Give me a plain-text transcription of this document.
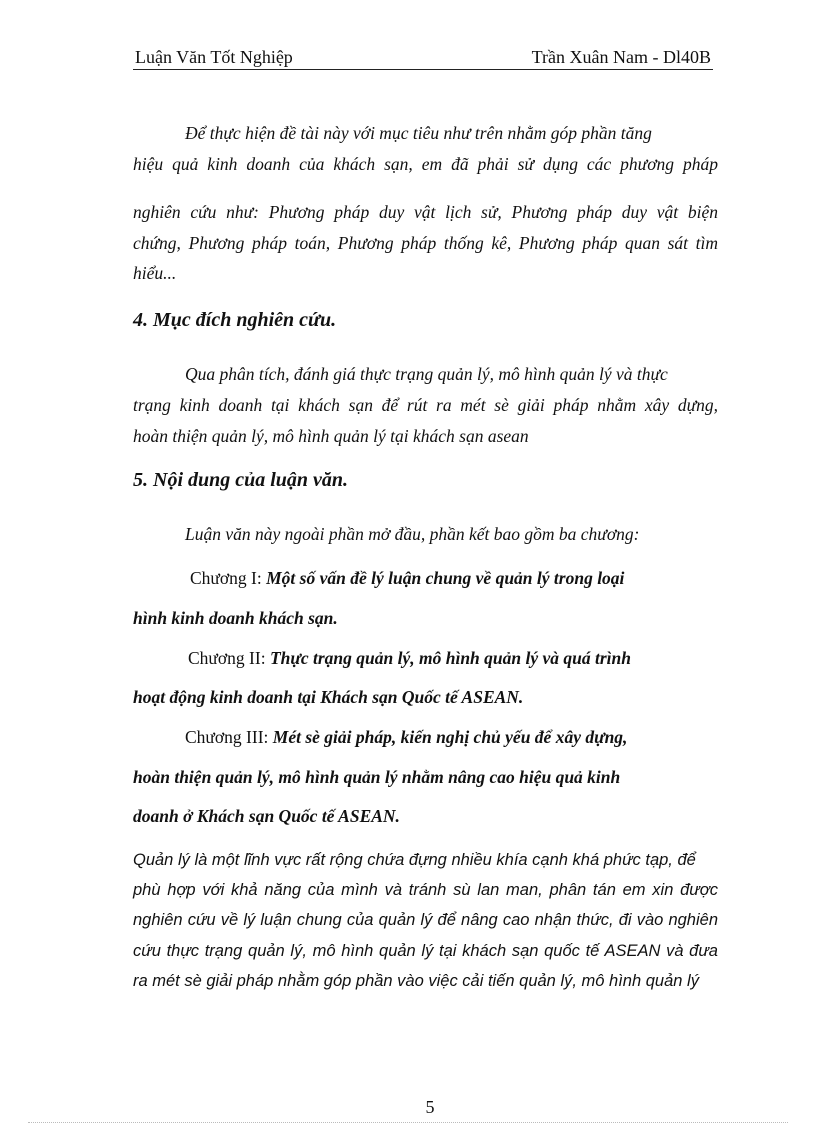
Luận Văn Tốt Nghiệp	Trần Xuân Nam - Dl40B
Để thực hiện đề tài này với mục tiêu như trên nhằm góp phần tăng
hiệu quả kinh doanh của khách sạn, em đã phải sử dụng các phương pháp
nghiên cứu như: Phương pháp duy vật lịch sử, Phương pháp duy vật biện
chứng, Phương pháp toán, Phương pháp thống kê, Phương pháp quan sát tìm
hiểu...
4. Mục đích nghiên cứu.
Qua phân tích, đánh giá thực trạng quản lý, mô hình quản lý và thực
trạng kinh doanh tại khách sạn để rút ra mét sè giải pháp nhằm xây dựng,
hoàn thiện quản lý, mô hình quản lý tại khách sạn asean
5. Nội dung của luận văn.
Luận văn này ngoài phần mở đầu, phần kết bao gồm ba chương:
Chương I: Một số vấn đề lý luận chung về quản lý trong loại
hình kinh doanh khách sạn.
Chương II: Thực trạng quản lý, mô hình quản lý và quá trình
hoạt động kinh doanh tại Khách sạn Quốc tế ASEAN.
Chương III: Mét sè giải pháp, kiến nghị chủ yếu để xây dựng,
hoàn thiện quản lý, mô hình quản lý nhằm nâng cao hiệu quả kinh
doanh ở Khách sạn Quốc tế ASEAN.
Quản lý là một lĩnh vực rất rộng chứa đựng nhiều khía cạnh khá phức tạp, để
phù hợp với khả năng của mình và tránh sù lan man, phân tán em xin được
nghiên cứu về lý luận chung của quản lý để nâng cao nhận thức, đi vào nghiên
cứu thực trạng quản lý, mô hình quản lý tại khách sạn quốc tế ASEAN và đưa
ra mét sè giải pháp nhằm góp phần vào việc cải tiến quản lý, mô hình quản lý
5
